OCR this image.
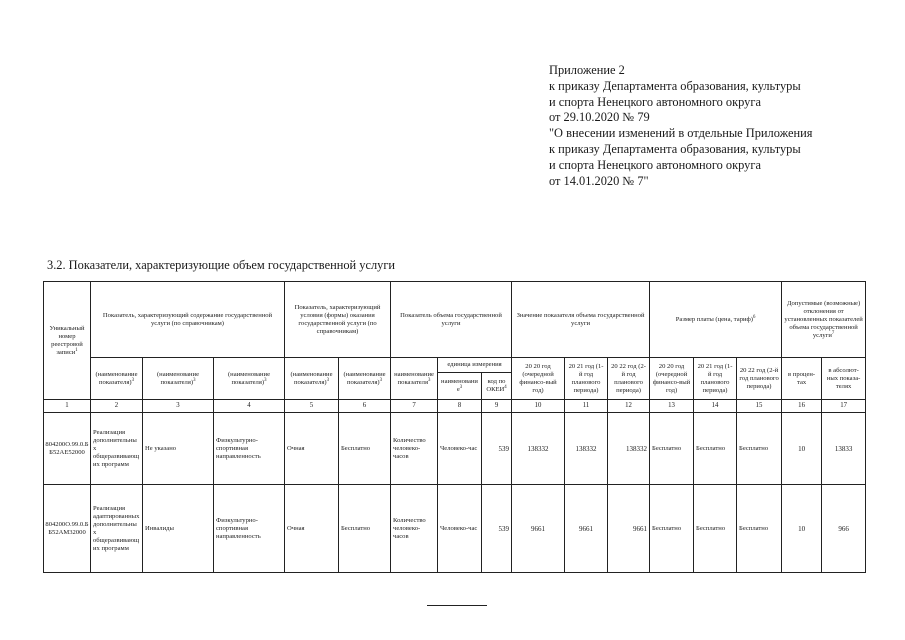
Приложение 2
к приказу Департамента образования, культуры
и спорта Ненецкого автономного округа
от 29.10.2020 № 79
"О внесении изменений в отдельные Приложения
к приказу Департамента образования, культуры
и спорта Ненецкого автономного округа
от 14.01.2020 № 7"
3.2. Показатели, характеризующие объем государственной услуги
Уникальный номер реестровой записи$^1$	Показатель, характеризующий содержание государственной услуги (по справочникам)			Показатель, характеризующий условия (формы) оказания государственной услуги (по справочникам)		Показатель объема государственной услуги			Значение показателя объема государственной услуги			Размер платы (цена, тариф)$^6$			Допустимые (возможные) отклонения от установленных показателей объема государственной услуги$^7$
	(наименование показателя)$^3$	(наименование показателя)$^3$	(наименование показателя)$^3$	(наименование показателя)$^3$	(наименование показателя)$^3$	наименование показателя$^3$	единица измерения		20 20 год (очередной финансо-вый год)	20 21 год (1-й год планового периода)	20 22 год (2-й год планового периода)	20 20 год (очередной финансо-вый год)	20 21 год (1-й год планового периода)	20 22 год (2-й год планового периода)	в процен-тах	в абсолют-ных показа-телях
							наименование$^3$	код по ОКЕИ$^4$
1	2	3	4	5	6	7	8	9	10	11	12	13	14	15	16	17
804200О.99.0.ББ52АЕ52000	Реализация дополнительных общеразвивающих программ	Не указано	Физкультурно-спортивная направленность	Очная	Бесплатно	Количество человеко-часов	Человеко-час	539	138332	138332	138332	Бесплатно	Бесплатно	Бесплатно	10	13833
804200О.99.0.ББ52АМ32000	Реализация адаптированных дополнительных общеразвивающих программ	Инвалиды	Физкультурно-спортивная направленность	Очная	Бесплатно	Количество человеко-часов	Человеко-час	539	9661	9661	9661	Бесплатно	Бесплатно	Бесплатно	10	966
